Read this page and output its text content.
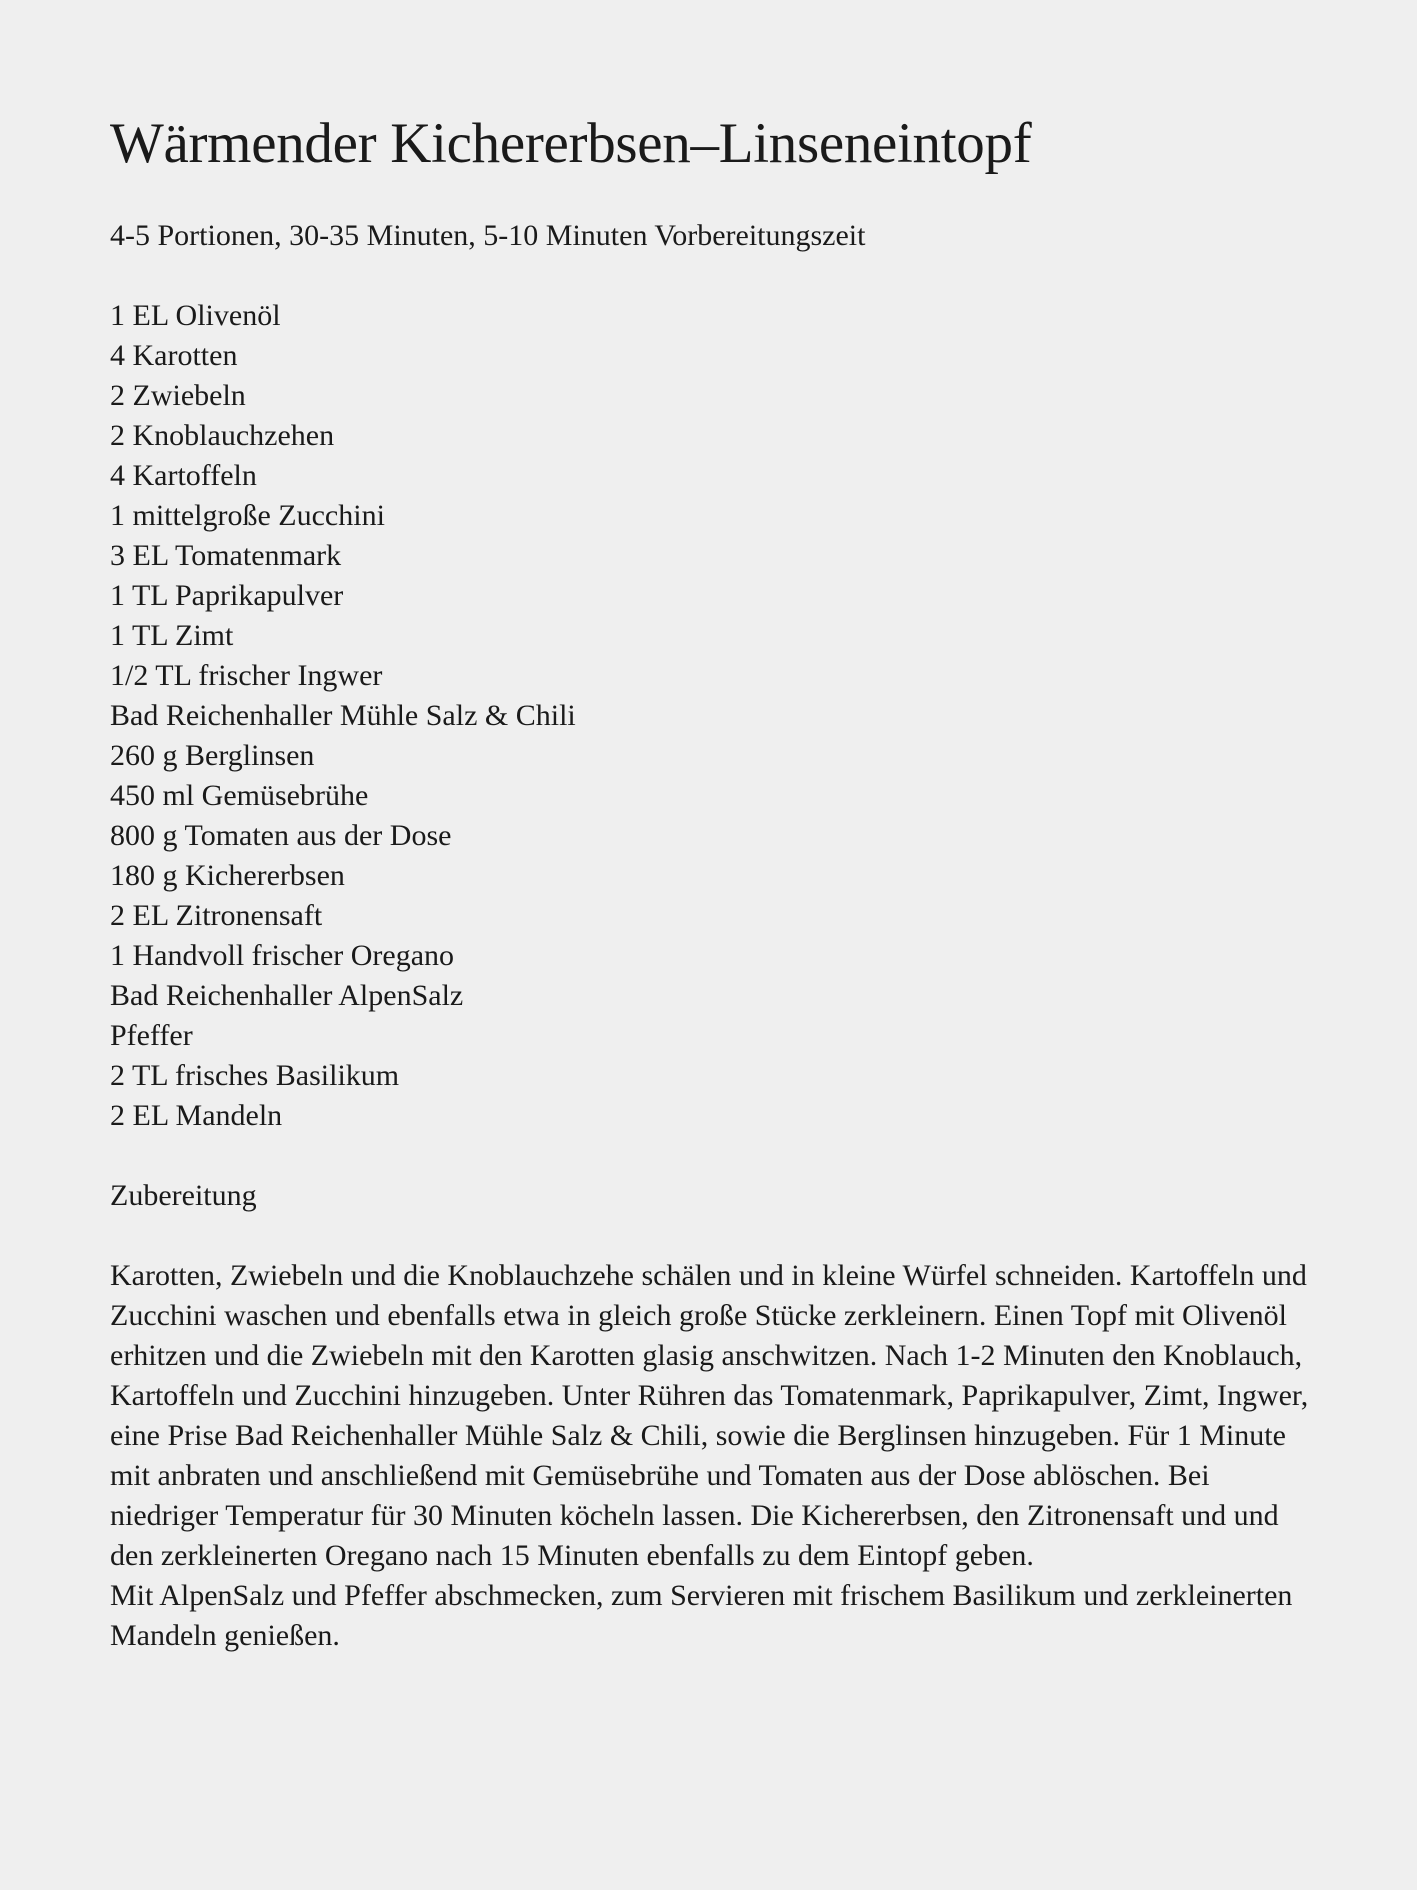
Wärmender Kichererbsen–Linseneintopf
4-5 Portionen, 30-35 Minuten, 5-10 Minuten Vorbereitungszeit
1 EL Olivenöl
4 Karotten
2 Zwiebeln
2 Knoblauchzehen
4 Kartoffeln
1 mittelgroße Zucchini
3 EL Tomatenmark
1 TL Paprikapulver
1 TL Zimt
1/2 TL frischer Ingwer
Bad Reichenhaller Mühle Salz & Chili
260 g Berglinsen
450 ml Gemüsebrühe
800 g Tomaten aus der Dose
180 g Kichererbsen
2 EL Zitronensaft
1 Handvoll frischer Oregano
Bad Reichenhaller AlpenSalz
Pfeffer
2 TL frisches Basilikum
2 EL Mandeln
Zubereitung

Karotten, Zwiebeln und die Knoblauchzehe schälen und in kleine Würfel schneiden. Kartoffeln und Zucchini waschen und ebenfalls etwa in gleich große Stücke zerkleinern. Einen Topf mit Olivenöl erhitzen und die Zwiebeln mit den Karotten glasig anschwitzen. Nach 1-2 Minuten den Knoblauch, Kartoffeln und Zucchini hinzugeben. Unter Rühren das Tomatenmark, Paprikapulver, Zimt, Ingwer, eine Prise Bad Reichenhaller Mühle Salz & Chili, sowie die Berglinsen hinzugeben. Für 1 Minute mit anbraten und anschließend mit Gemüsebrühe und Tomaten aus der Dose ablöschen. Bei niedriger Temperatur für 30 Minuten köcheln lassen. Die Kichererbsen, den Zitronensaft und und den zerkleinerten Oregano nach 15 Minuten ebenfalls zu dem Eintopf geben.

Mit AlpenSalz und Pfeffer abschmecken, zum Servieren mit frischem Basilikum und zerkleinerten Mandeln genießen.
